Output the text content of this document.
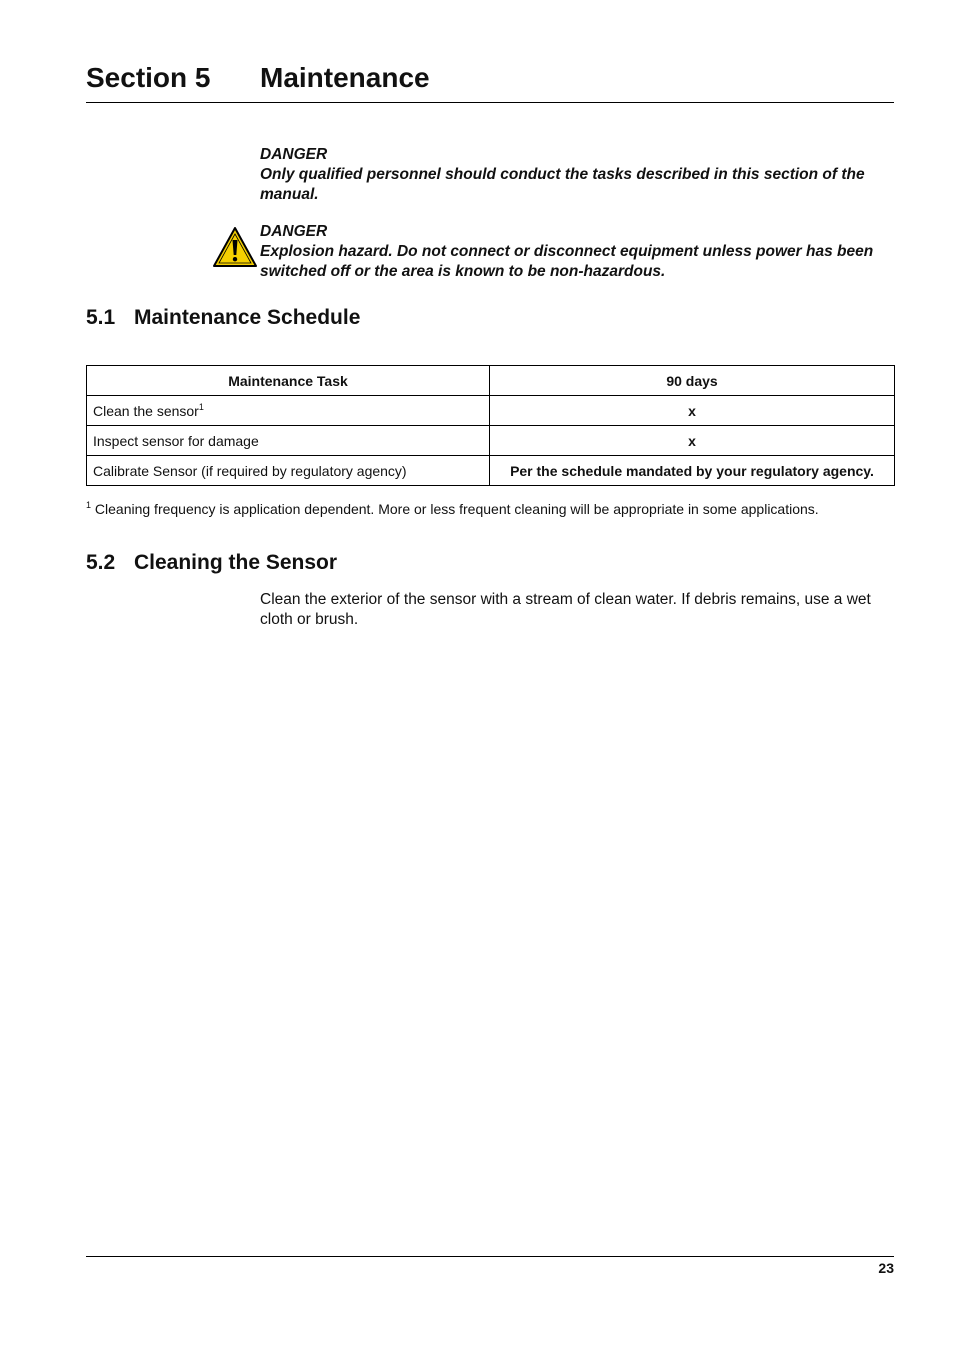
Section 5 Maintenance
DANGER
Only qualified personnel should conduct the tasks described in this section of the manual.
DANGER
Explosion hazard. Do not connect or disconnect equipment unless power has been switched off or the area is known to be non-hazardous.
5.1 Maintenance Schedule
Maintenance Task	90 days
Clean the sensor$^1$	x
Inspect sensor for damage	x
Calibrate Sensor (if required by regulatory agency)	Per the schedule mandated by your regulatory agency.
$^1$ Cleaning frequency is application dependent. More or less frequent cleaning will be appropriate in some applications.
5.2 Cleaning the Sensor

Clean the exterior of the sensor with a stream of clean water. If debris remains, use a wet cloth or brush.

23
